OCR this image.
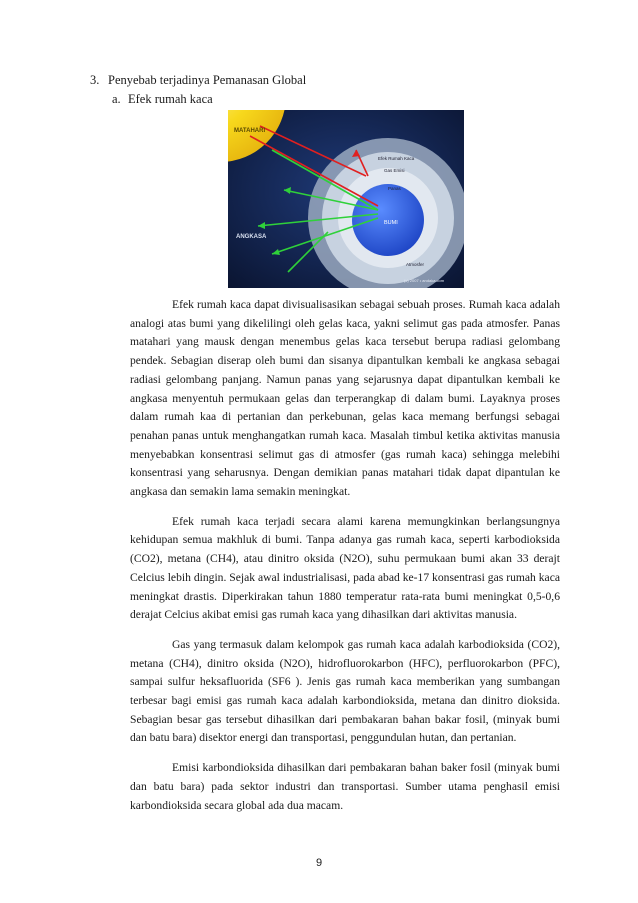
3. Penyebab terjadinya Pemanasan Global
a. Efek rumah kaca
MATAHARI
ANGKASA
Efek Rumah Kaca
Gas Emisi
Panas
BUMI
Atmosfer
(c) 2007 • andaka.com

Efek rumah kaca dapat divisualisasikan sebagai sebuah proses. Rumah kaca adalah analogi atas bumi yang dikelilingi oleh gelas kaca, yakni selimut gas pada atmosfer. Panas matahari yang mausk dengan menembus gelas kaca tersebut berupa radiasi gelombang pendek. Sebagian diserap oleh bumi dan sisanya dipantulkan kembali ke angkasa sebagai radiasi gelombang panjang. Namun panas yang sejarusnya dapat dipantulkan kembali ke angkasa menyentuh permukaan gelas dan terperangkap di dalam bumi. Layaknya proses dalam rumah kaa di pertanian dan perkebunan, gelas kaca memang berfungsi sebagai penahan panas untuk menghangatkan rumah kaca. Masalah timbul ketika aktivitas manusia menyebabkan konsentrasi selimut gas di atmosfer (gas rumah kaca) sehingga melebihi konsentrasi yang seharusnya. Dengan demikian panas matahari tidak dapat dipantulan ke angkasa dan semakin lama semakin meningkat.

Efek rumah kaca terjadi secara alami karena memungkinkan berlangsungnya kehidupan semua makhluk di bumi. Tanpa adanya gas rumah kaca, seperti karbodioksida (CO2), metana (CH4), atau dinitro oksida (N2O), suhu permukaan bumi akan 33 derajt Celcius lebih dingin. Sejak awal industrialisasi, pada abad ke-17 konsentrasi gas rumah kaca meningkat drastis. Diperkirakan tahun 1880 temperatur rata-rata bumi meningkat 0,5-0,6 derajat Celcius akibat emisi gas rumah kaca yang dihasilkan dari aktivitas manusia.

Gas yang termasuk dalam kelompok gas rumah kaca adalah karbodioksida (CO2), metana (CH4), dinitro oksida (N2O), hidrofluorokarbon (HFC), perfluorokarbon (PFC), sampai sulfur heksafluorida (SF6 ). Jenis gas rumah kaca memberikan yang sumbangan terbesar bagi emisi gas rumah kaca adalah karbondioksida, metana dan dinitro dioksida. Sebagian besar gas tersebut dihasilkan dari pembakaran bahan bakar fosil, (minyak bumi dan batu bara) disektor energi dan transportasi, penggundulan hutan, dan pertanian.

Emisi karbondioksida dihasilkan dari pembakaran bahan baker fosil (minyak bumi dan batu bara) pada sektor industri dan transportasi. Sumber utama penghasil emisi karbondioksida secara global ada dua macam.

9
